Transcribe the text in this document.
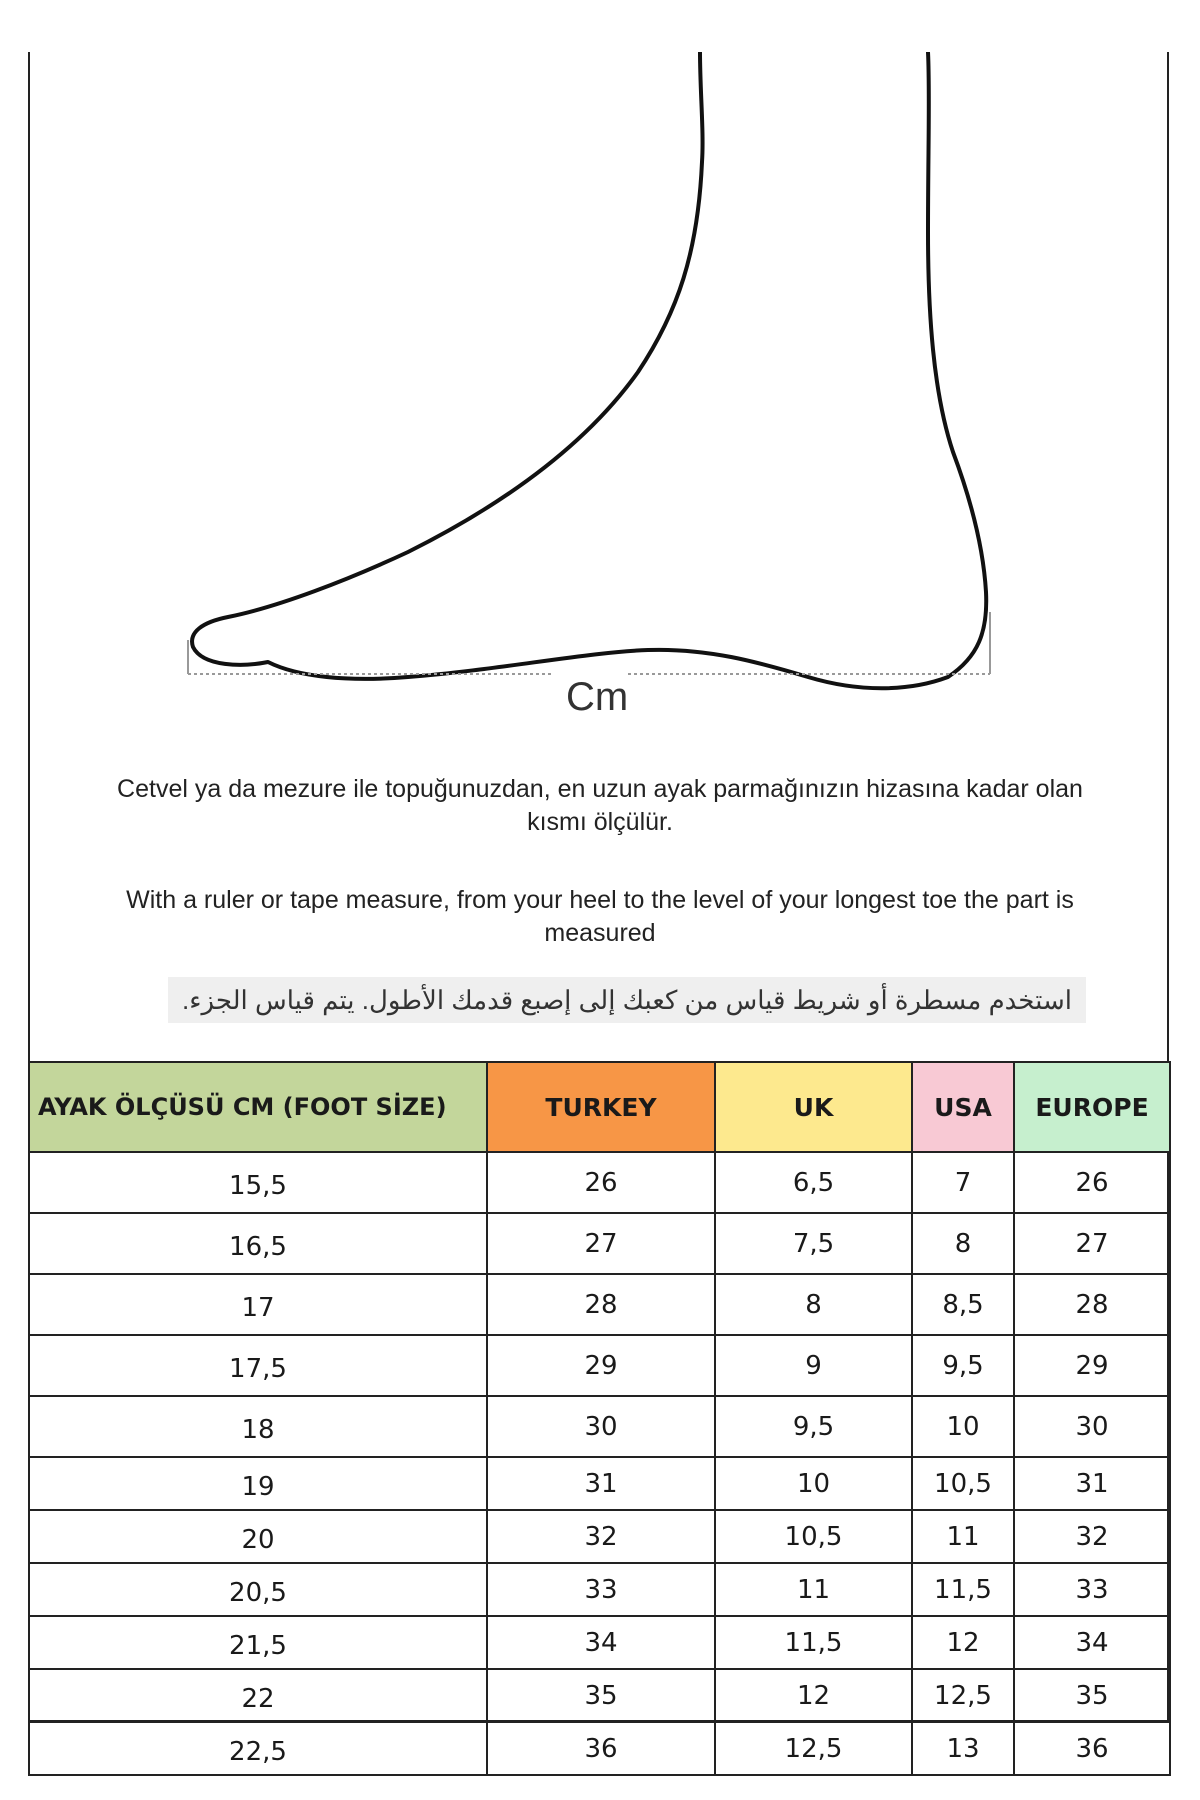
Cm
Cetvel ya da mezure ile topuğunuzdan, en uzun ayak parmağınızın hizasına kadar olan kısmı ölçülür.
With a ruler or tape measure, from your heel to the level of your longest toe the part is measured
استخدم مسطرة أو شريط قياس من كعبك إلى إصبع قدمك الأطول. يتم قياس الجزء.
AYAK ÖLÇÜSÜ CM (FOOT SİZE)	TURKEY	UK	USA	EUROPE
15,5	26	6,5	7	26
16,5	27	7,5	8	27
17	28	8	8,5	28
17,5	29	9	9,5	29
18	30	9,5	10	30
19	31	10	10,5	31
20	32	10,5	11	32
20,5	33	11	11,5	33
21,5	34	11,5	12	34
22	35	12	12,5	35
22,5	36	12,5	13	36
